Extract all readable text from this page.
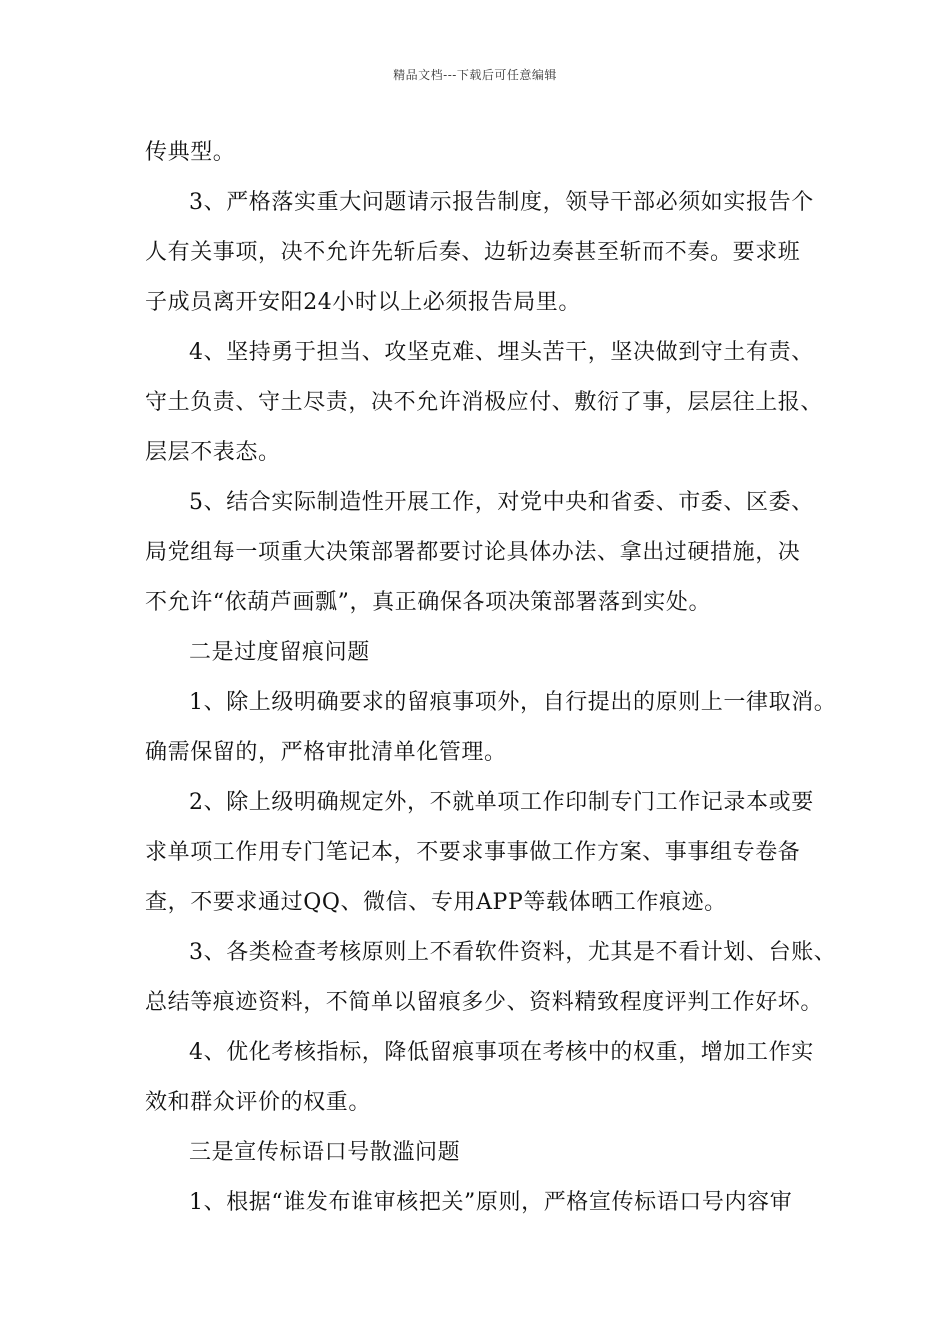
精品文档---下载后可任意编辑
传典型。
3、严格落实重大问题请示报告制度，领导干部必须如实报告个
人有关事项，决不允许先斩后奏、边斩边奏甚至斩而不奏。要求班
子成员离开安阳24小时以上必须报告局里。
4、坚持勇于担当、攻坚克难、埋头苦干，坚决做到守土有责、
守土负责、守土尽责，决不允许消极应付、敷衍了事，层层往上报、
层层不表态。
5、结合实际制造性开展工作，对党中央和省委、市委、区委、
局党组每一项重大决策部署都要讨论具体办法、拿出过硬措施，决
不允许“依葫芦画瓢”，真正确保各项决策部署落到实处。
二是过度留痕问题
1、除上级明确要求的留痕事项外，自行提出的原则上一律取消。
确需保留的，严格审批清单化管理。
2、除上级明确规定外，不就单项工作印制专门工作记录本或要
求单项工作用专门笔记本，不要求事事做工作方案、事事组专卷备
查，不要求通过QQ、微信、专用APP等载体晒工作痕迹。
3、各类检查考核原则上不看软件资料，尤其是不看计划、台账、
总结等痕迹资料，不简单以留痕多少、资料精致程度评判工作好坏。
4、优化考核指标，降低留痕事项在考核中的权重，增加工作实
效和群众评价的权重。
三是宣传标语口号散滥问题
1、根据“谁发布谁审核把关”原则，严格宣传标语口号内容审
